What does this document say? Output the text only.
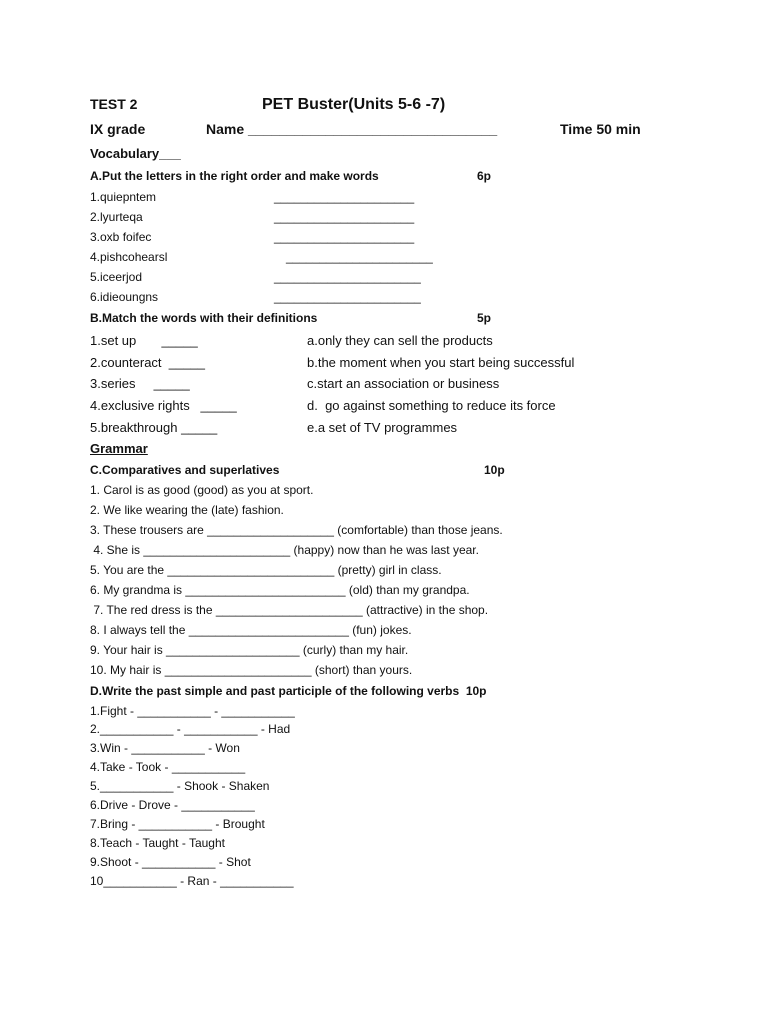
TEST 2	PET Buster(Units 5-6 -7)
IX grade	Name ________________________________	Time 50 min
Vocabulary___
A.Put the letters in the right order and make words	6p
1.quiepntem	_____________________
2.lyurteqa	_____________________
3.oxb foifec	_____________________
4.pishcohearsl	______________________
5.iceerjod	______________________
6.idieoungns	______________________
B.Match the words with their definitions	5p
1.set up       _____	a.only they can sell the products
2.counteract  _____	b.the moment when you start being successful
3.series     _____	c.start an association or business
4.exclusive rights   _____	d.  go against something to reduce its force
5.breakthrough _____	e.a set of TV programmes
Grammar
C.Comparatives and superlatives	10p
1. Carol is as good (good) as you at sport.
2. We like wearing the (late) fashion.
3. These trousers are ___________________ (comfortable) than those jeans.
4. She is ______________________ (happy) now than he was last year.
5. You are the _________________________ (pretty) girl in class.
6. My grandma is ________________________ (old) than my grandpa.
7. The red dress is the ______________________ (attractive) in the shop.
8. I always tell the ________________________ (fun) jokes.
9. Your hair is ____________________ (curly) than my hair.
10. My hair is ______________________ (short) than yours.
D.Write the past simple and past participle of the following verbs  10p
1.Fight - ___________ - ___________
2.___________ - ___________ - Had
3.Win - ___________ - Won
4.Take - Took - ___________
5.___________ - Shook - Shaken
6.Drive - Drove - ___________
7.Bring - ___________ - Brought
8.Teach - Taught - Taught
9.Shoot - ___________ - Shot
10___________ - Ran - ___________
